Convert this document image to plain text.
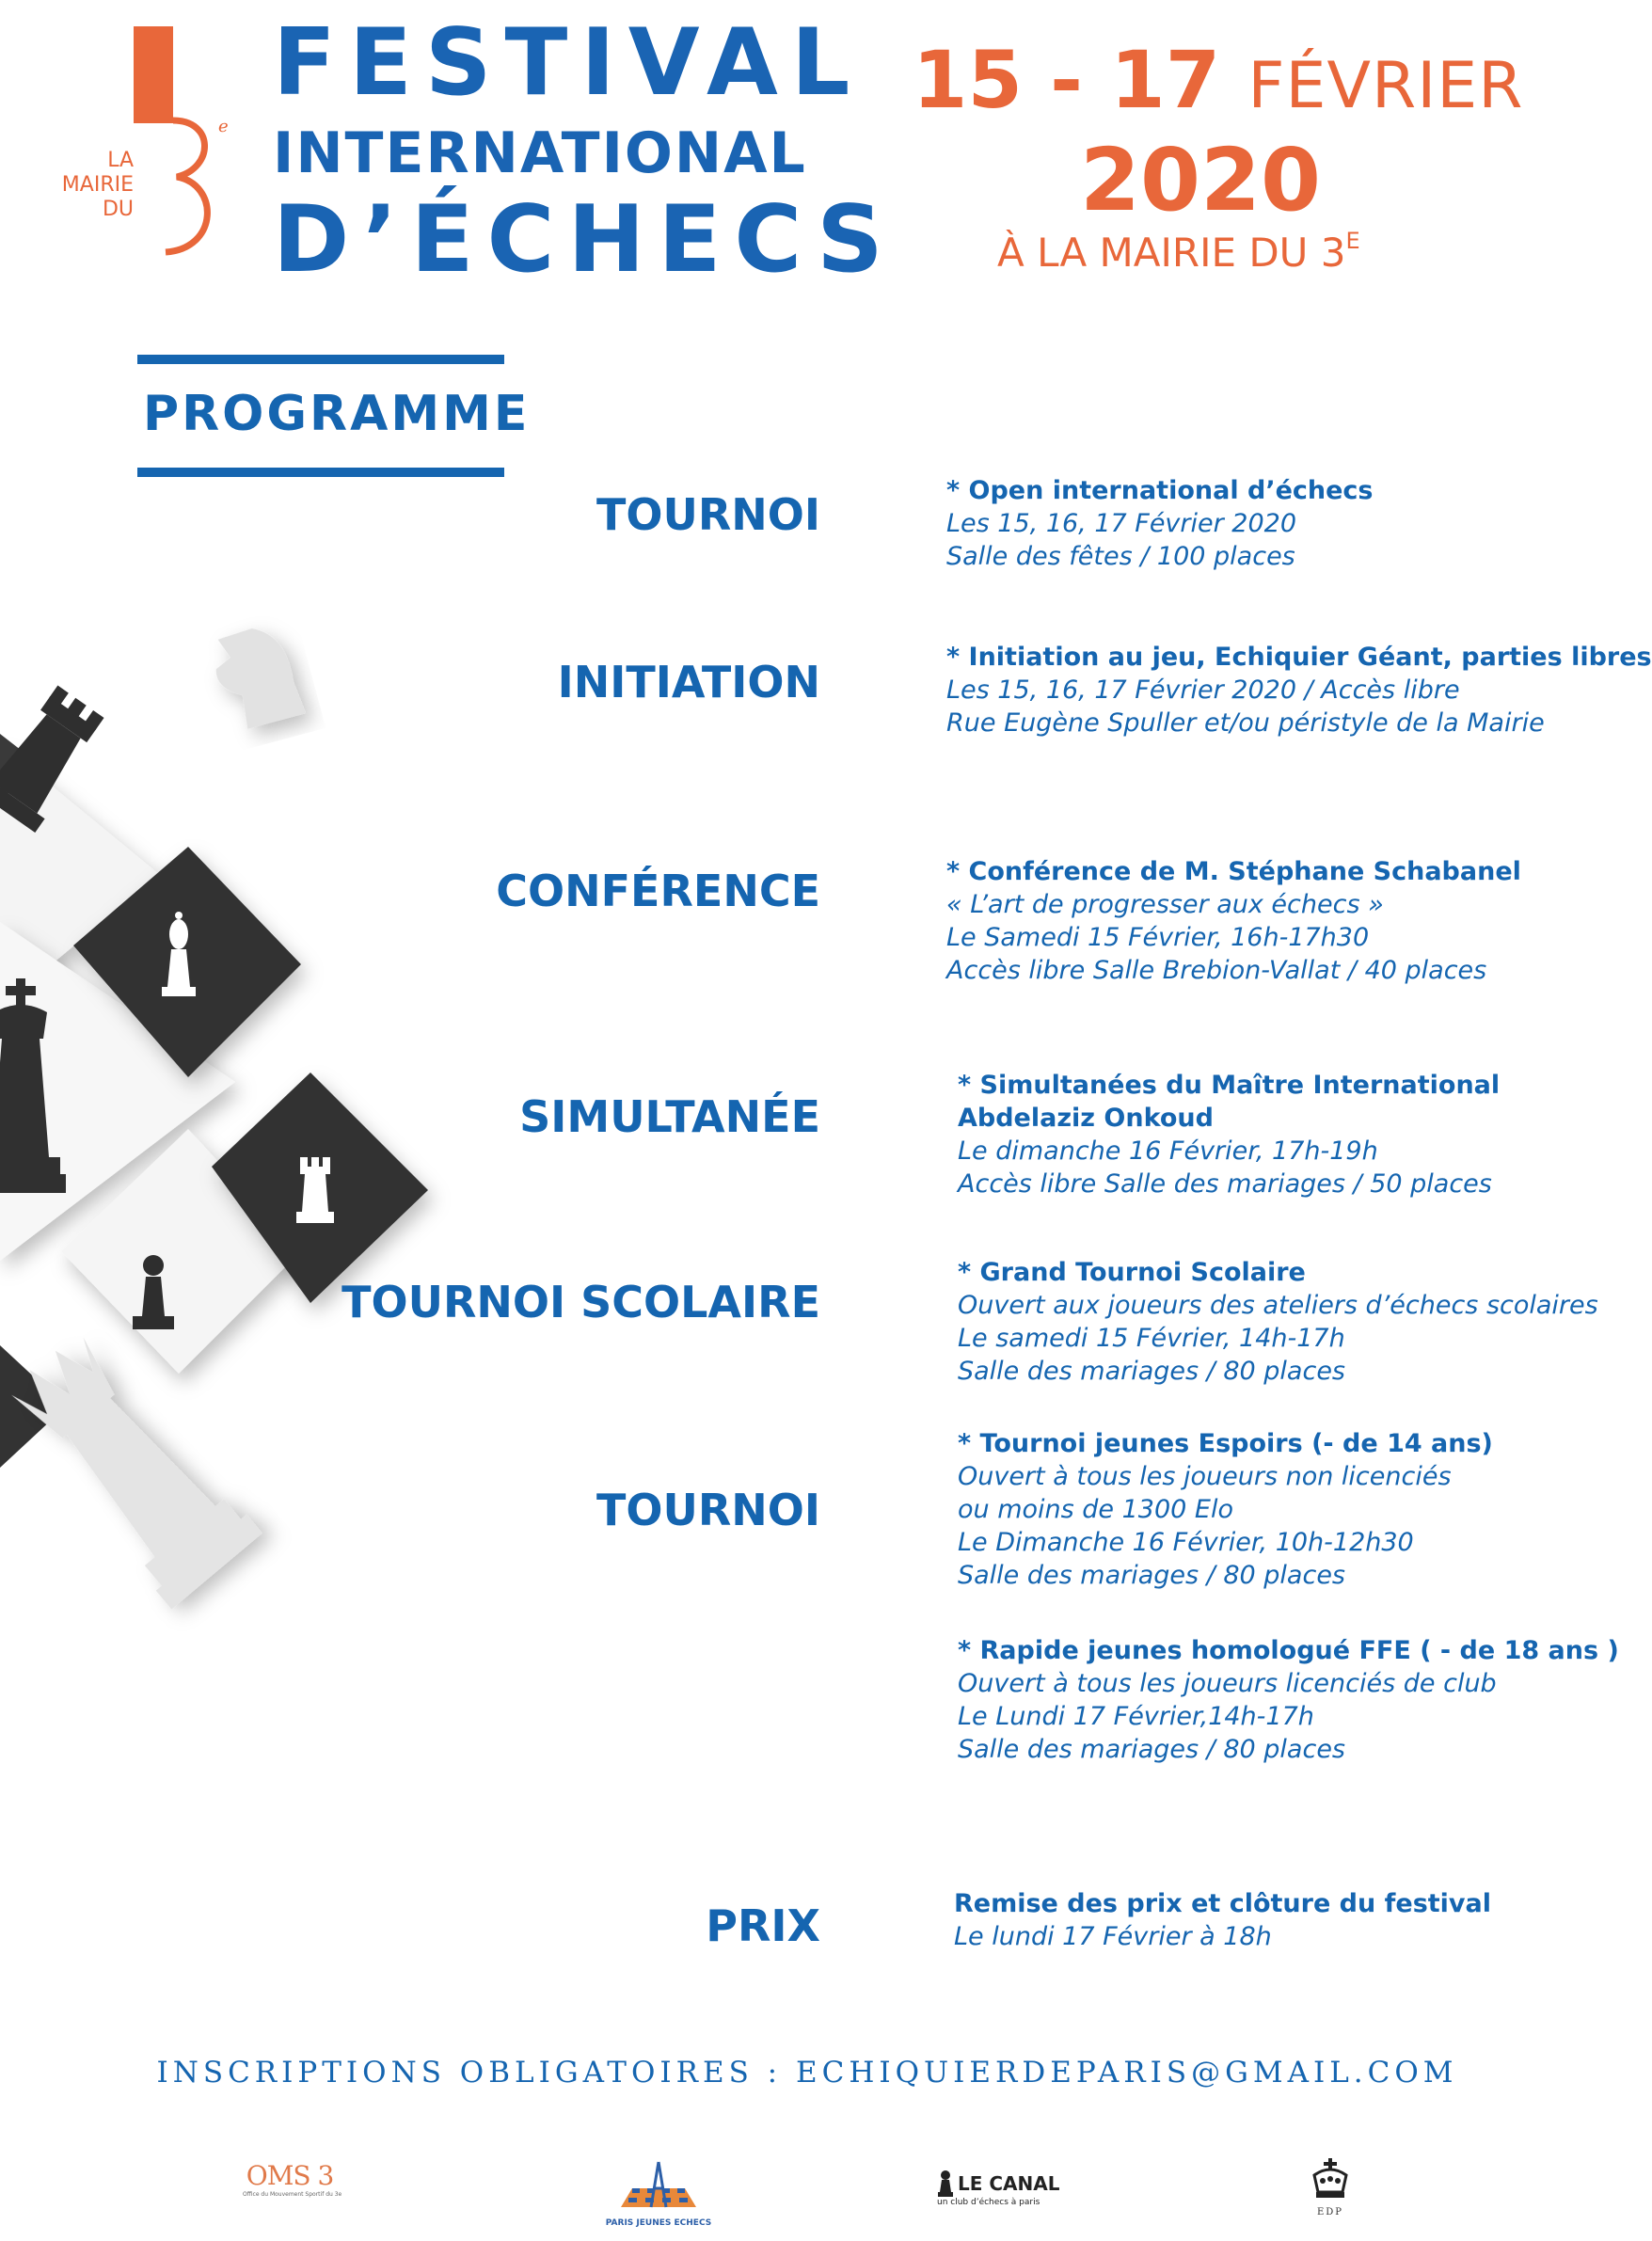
e
LA
MAIRIE
DU
FESTIVAL
INTERNATIONAL
D’ÉCHECS
15 - 17 FÉVRIER
2020
À LA MAIRIE DU $3^E$
PROGRAMME
TOURNOI
INITIATION
CONFÉRENCE
SIMULTANÉE
TOURNOI SCOLAIRE
TOURNOI
PRIX
* Open international d’échecs
Les 15, 16, 17 Février 2020
Salle des fêtes / 100 places
* Initiation au jeu, Echiquier Géant, parties libres
Les 15, 16, 17 Février 2020 / Accès libre
Rue Eugène Spuller et/ou péristyle de la Mairie
* Conférence de M. Stéphane Schabanel
« L’art de progresser aux échecs »
Le Samedi 15 Février, 16h-17h30
Accès libre Salle Brebion-Vallat / 40 places
* Simultanées du Maître International
Abdelaziz Onkoud
Le dimanche 16 Février, 17h-19h
Accès libre Salle des mariages / 50 places
* Grand Tournoi Scolaire
Ouvert aux joueurs des ateliers d’échecs scolaires
Le samedi 15 Février, 14h-17h
Salle des mariages / 80 places
* Tournoi jeunes Espoirs (- de 14 ans)
Ouvert à tous les joueurs non licenciés
ou moins de 1300 Elo
Le Dimanche 16 Février, 10h-12h30
Salle des mariages / 80 places
* Rapide jeunes homologué FFE ( - de 18 ans )
Ouvert à tous les joueurs licenciés de club
Le Lundi 17 Février,14h-17h
Salle des mariages / 80 places
Remise des prix et clôture du festival
Le lundi 17 Février à 18h
INSCRIPTIONS OBLIGATOIRES : ECHIQUIERDEPARIS@GMAIL.COM
OMS 3
Office du Mouvement Sportif du 3e
PARIS JEUNES ECHECS
LE CANAL
un club d’échecs à paris
EDP
